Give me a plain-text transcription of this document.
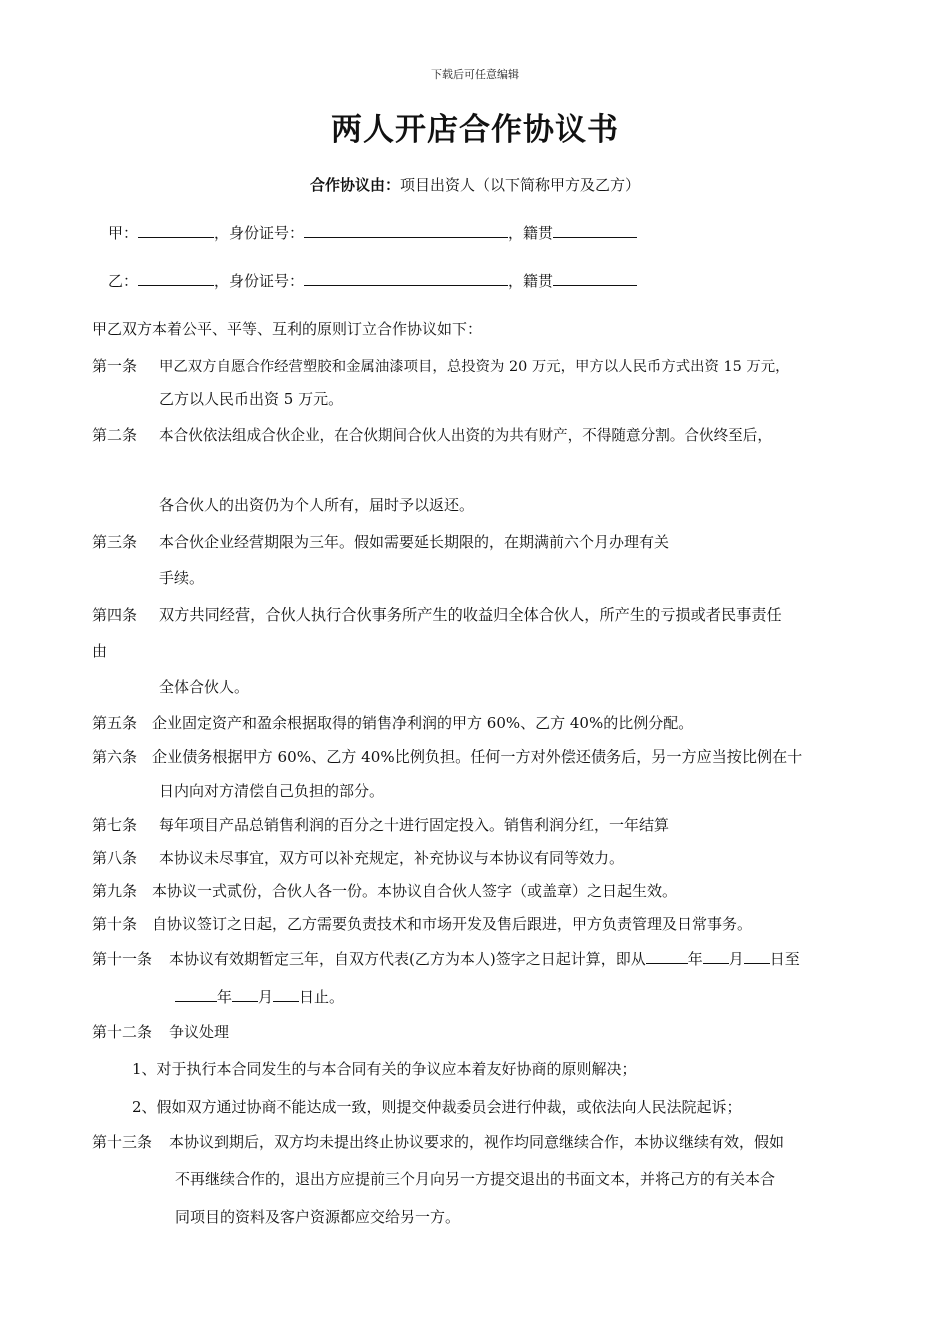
下载后可任意编辑
两人开店合作协议书
合作协议由：项目出资人（以下简称甲方及乙方）
甲：	，身份证号：	，籍贯
乙：	，身份证号：	，籍贯
甲乙双方本着公平、平等、互利的原则订立合作协议如下：
第一条 甲乙双方自愿合作经营塑胶和金属油漆项目，总投资为 20 万元，甲方以人民币方式出资 15 万元，
乙方以人民币出资 5 万元。
第二条 本合伙依法组成合伙企业，在合伙期间合伙人出资的为共有财产，不得随意分割。合伙终至后，
各合伙人的出资仍为个人所有，届时予以返还。
第三条 本合伙企业经营期限为三年。假如需要延长期限的，在期满前六个月办理有关
手续。
第四条 双方共同经营，合伙人执行合伙事务所产生的收益归全体合伙人，所产生的亏损或者民事责任
由
全体合伙人。
第五条 企业固定资产和盈余根据取得的销售净利润的甲方 60%、乙方 40%的比例分配。
第六条 企业债务根据甲方 60%、乙方 40%比例负担。任何一方对外偿还债务后，另一方应当按比例在十
日内向对方清偿自己负担的部分。
第七条 每年项目产品总销售利润的百分之十进行固定投入。销售利润分红，一年结算
第八条 本协议未尽事宜，双方可以补充规定，补充协议与本协议有同等效力。
第九条 本协议一式贰份，合伙人各一份。本协议自合伙人签字（或盖章）之日起生效。
第十条 自协议签订之日起，乙方需要负责技术和市场开发及售后跟进，甲方负责管理及日常事务。
第十一条 本协议有效期暂定三年，自双方代表(乙方为本人)签字之日起计算，即从	年 月 日至
年 月 日止。
第十二条 争议处理
1、对于执行本合同发生的与本合同有关的争议应本着友好协商的原则解决；
2、假如双方通过协商不能达成一致，则提交仲裁委员会进行仲裁，或依法向人民法院起诉；
第十三条 本协议到期后，双方均未提出终止协议要求的，视作均同意继续合作，本协议继续有效，假如
不再继续合作的，退出方应提前三个月向另一方提交退出的书面文本，并将己方的有关本合
同项目的资料及客户资源都应交给另一方。
